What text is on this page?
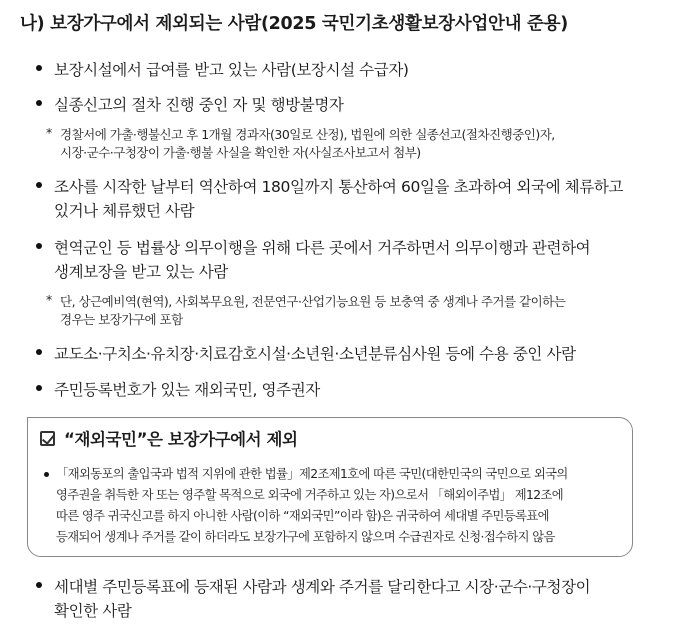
나) 보장가구에서 제외되는 사람(2025 국민기초생활보장사업안내 준용)
보장시설에서 급여를 받고 있는 사람(보장시설 수급자)
실종신고의 절차 진행 중인 자 및 행방불명자
* 경찰서에 가출·행불신고 후 1개월 경과자(30일로 산정), 법원에 의한 실종선고(절차진행중인)자,
시장·군수·구청장이 가출·행불 사실을 확인한 자(사실조사보고서 첨부)
조사를 시작한 날부터 역산하여 180일까지 통산하여 60일을 초과하여 외국에 체류하고
있거나 체류했던 사람
현역군인 등 법률상 의무이행을 위해 다른 곳에서 거주하면서 의무이행과 관련하여
생계보장을 받고 있는 사람
* 단, 상근예비역(현역), 사회복무요원, 전문연구·산업기능요원 등 보충역 중 생계나 주거를 같이하는
경우는 보장가구에 포함
교도소·구치소·유치장·치료감호시설·소년원·소년분류심사원 등에 수용 중인 사람
주민등록번호가 있는 재외국민, 영주권자
“재외국민”은 보장가구에서 제외
「재외동포의 출입국과 법적 지위에 관한 법률」제2조제1호에 따른 국민(대한민국의 국민으로 외국의
영주권을 취득한 자 또는 영주할 목적으로 외국에 거주하고 있는 자)으로서 「해외이주법」 제12조에
따른 영주 귀국신고를 하지 아니한 사람(이하 “재외국민”이라 함)은 귀국하여 세대별 주민등록표에
등재되어 생계나 주거를 같이 하더라도 보장가구에 포함하지 않으며 수급권자로 신청·접수하지 않음
세대별 주민등록표에 등재된 사람과 생계와 주거를 달리한다고 시장·군수·구청장이
확인한 사람
